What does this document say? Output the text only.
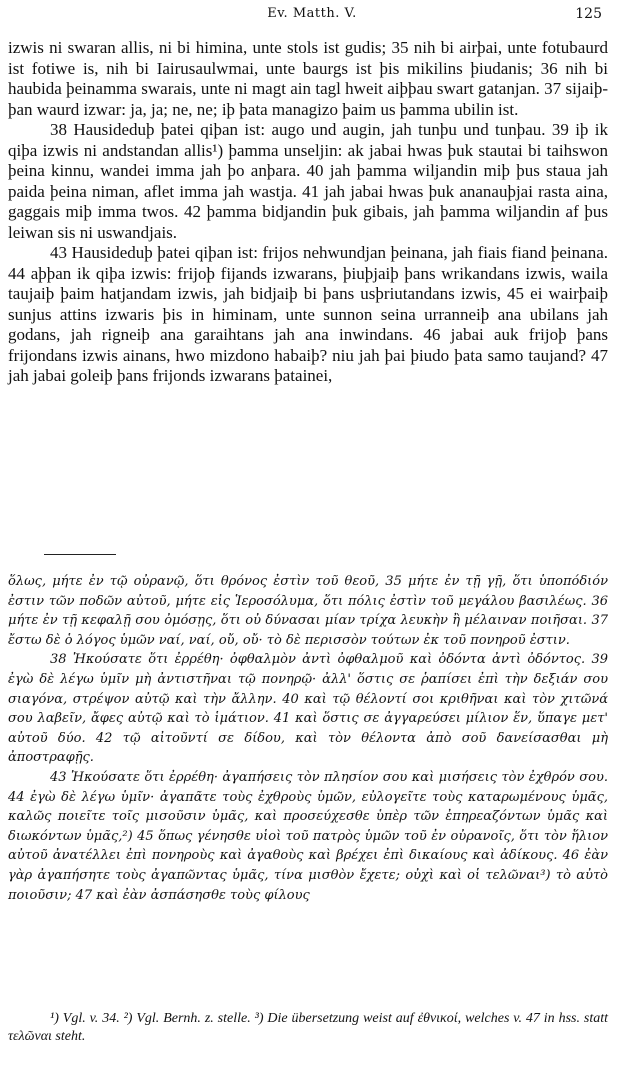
Ev. Matth. V.	125

izwis ni swaran allis, ni bi himina, unte stols ist gudis; 35 nih bi airþai, unte fotubaurd ist fotiwe is, nih bi Iairusaulwmai, unte baurgs ist þis mikilins þiudanis; 36 nih bi haubida þeinamma swarais, unte ni magt ain tagl hweit aiþþau swart gatanjan. 37 sijaiþ-þan waurd izwar: ja, ja; ne, ne; iþ þata managizo þaim us þamma ubilin ist.

38 Hausideduþ þatei qiþan ist: augo und augin, jah tunþu und tunþau. 39 iþ ik qiþa izwis ni andstandan allis¹) þamma unseljin: ak jabai hwas þuk stautai bi taihswon þeina kinnu, wandei imma jah þo anþara. 40 jah þamma wiljandin miþ þus staua jah paida þeina niman, aflet imma jah wastja. 41 jah jabai hwas þuk ananauþjai rasta aina, gaggais miþ imma twos. 42 þamma bidjandin þuk gibais, jah þamma wiljandin af þus leiwan sis ni uswandjais.

43 Hausideduþ þatei qiþan ist: frijos nehwundjan þeinana, jah fiais fiand þeinana. 44 aþþan ik qiþa izwis: frijoþ fijands izwarans, þiuþjaiþ þans wrikandans izwis, waila taujaiþ þaim hatjandam izwis, jah bidjaiþ bi þans usþriutandans izwis, 45 ei wairþaiþ sunjus attins izwaris þis in himinam, unte sunnon seina urranneiþ ana ubilans jah godans, jah rigneiþ ana garaihtans jah ana inwindans. 46 jabai auk frijoþ þans frijondans izwis ainans, hwo mizdono habaiþ? niu jah þai þiudo þata samo taujand? 47 jah jabai goleiþ þans frijonds izwarans þatainei,

ὅλως, μήτε ἐν τῷ οὐρανῷ, ὅτι θρόνος ἐστὶν τοῦ θεοῦ, 35 μήτε ἐν τῇ γῇ, ὅτι ὑποπόδιόν ἐστιν τῶν ποδῶν αὐτοῦ, μήτε εἰς Ἱεροσόλυμα, ὅτι πόλις ἐστὶν τοῦ μεγάλου βασιλέως. 36 μήτε ἐν τῇ κεφαλῇ σου ὀμόσῃς, ὅτι οὐ δύνασαι μίαν τρίχα λευκὴν ἢ μέλαιναν ποιῆσαι. 37 ἔστω δὲ ὁ λόγος ὑμῶν ναί, ναί, οὔ, οὔ· τὸ δὲ περισσὸν τούτων ἐκ τοῦ πονηροῦ ἐστιν.

38 Ἠκούσατε ὅτι ἐρρέθη· ὀφθαλμὸν ἀντὶ ὀφθαλμοῦ καὶ ὀδόντα ἀντὶ ὀδόντος. 39 ἐγὼ δὲ λέγω ὑμῖν μὴ ἀντιστῆναι τῷ πονηρῷ· ἀλλ' ὅστις σε ῥαπίσει ἐπὶ τὴν δεξιάν σου σιαγόνα, στρέψον αὐτῷ καὶ τὴν ἄλλην. 40 καὶ τῷ θέλοντί σοι κριθῆναι καὶ τὸν χιτῶνά σου λαβεῖν, ἄφες αὐτῷ καὶ τὸ ἱμάτιον. 41 καὶ ὅστις σε ἀγγαρεύσει μίλιον ἕν, ὕπαγε μετ' αὐτοῦ δύο. 42 τῷ αἰτοῦντί σε δίδου, καὶ τὸν θέλοντα ἀπὸ σοῦ δανείσασθαι μὴ ἀποστραφῇς.

43 Ἠκούσατε ὅτι ἐρρέθη· ἀγαπήσεις τὸν πλησίον σου καὶ μισήσεις τὸν ἐχθρόν σου. 44 ἐγὼ δὲ λέγω ὑμῖν· ἀγαπᾶτε τοὺς ἐχθροὺς ὑμῶν, εὐλογεῖτε τοὺς καταρωμένους ὑμᾶς, καλῶς ποιεῖτε τοῖς μισοῦσιν ὑμᾶς, καὶ προσεύχεσθε ὑπὲρ τῶν ἐπηρεαζόντων ὑμᾶς καὶ διωκόντων ὑμᾶς,²) 45 ὅπως γένησθε υἱοὶ τοῦ πατρὸς ὑμῶν τοῦ ἐν οὐρανοῖς, ὅτι τὸν ἥλιον αὐτοῦ ἀνατέλλει ἐπὶ πονηροὺς καὶ ἀγαθοὺς καὶ βρέχει ἐπὶ δικαίους καὶ ἀδίκους. 46 ἐὰν γὰρ ἀγαπήσητε τοὺς ἀγαπῶντας ὑμᾶς, τίνα μισθὸν ἔχετε; οὐχὶ καὶ οἱ τελῶναι³) τὸ αὐτὸ ποιοῦσιν; 47 καὶ ἐὰν ἀσπάσησθε τοὺς φίλους

¹) Vgl. v. 34. ²) Vgl. Bernh. z. stelle. ³) Die übersetzung weist auf ἐθνικοί, welches v. 47 in hss. statt τελῶναι steht.
